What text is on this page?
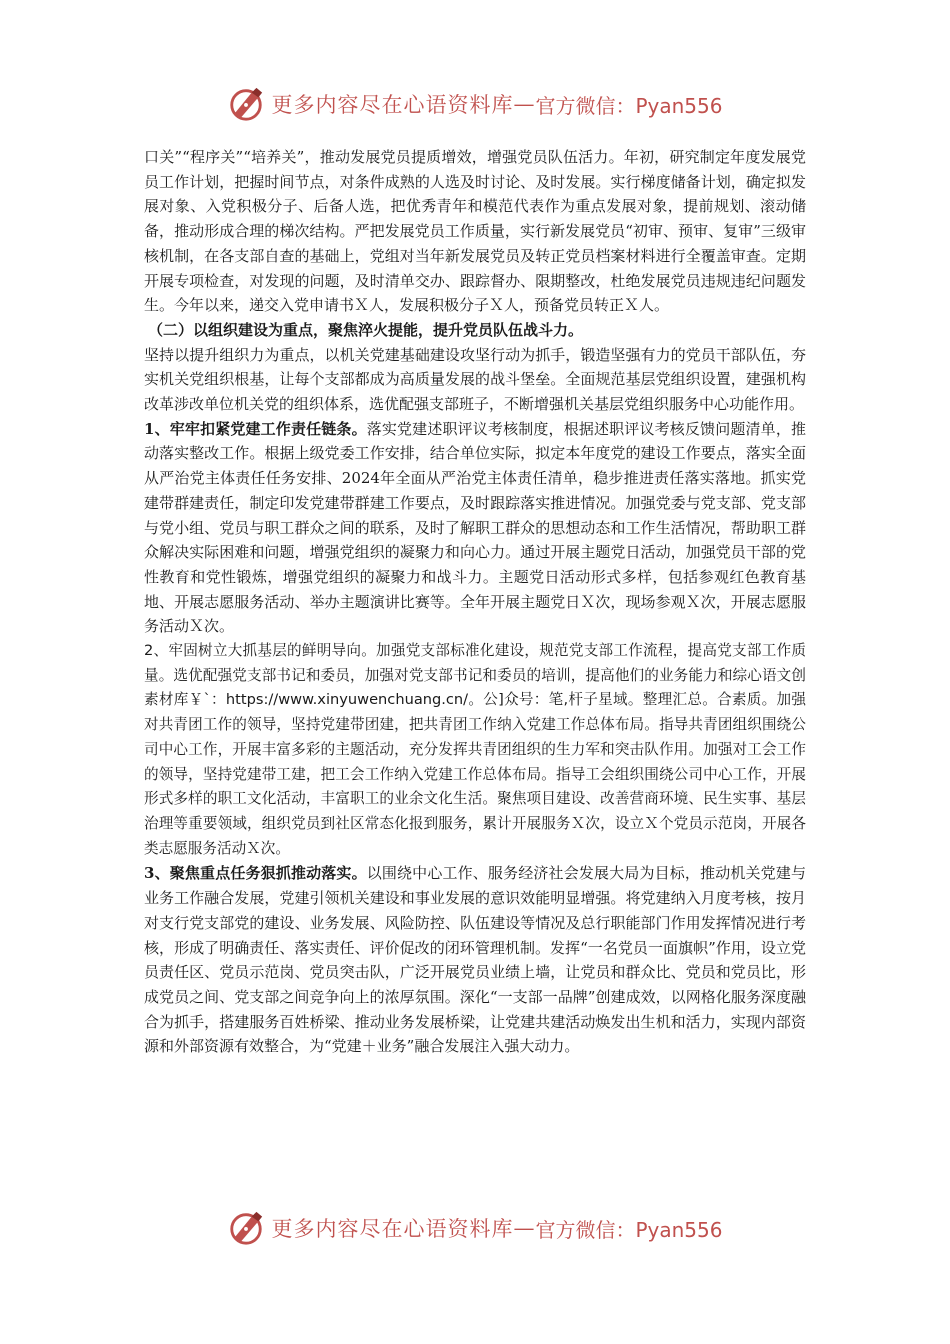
更多内容尽在心语资料库 — 官方微信：Pyan556

口关”“程序关”“培养关”，推动发展党员提质增效，增强党员队伍活力。年初，研究制定年度发展党员工作计划，把握时间节点，对条件成熟的人选及时讨论、及时发展。实行梯度储备计划，确定拟发展对象、入党积极分子、后备人选，把优秀青年和模范代表作为重点发展对象，提前规划、滚动储备，推动形成合理的梯次结构。严把发展党员工作质量，实行新发展党员“初审、预审、复审”三级审核机制，在各支部自查的基础上，党组对当年新发展党员及转正党员档案材料进行全覆盖审查。定期开展专项检查，对发现的问题，及时清单交办、跟踪督办、限期整改，杜绝发展党员违规违纪问题发生。今年以来，递交入党申请书Ｘ人，发展积极分子Ｘ人，预备党员转正Ｘ人。

（二）以组织建设为重点，聚焦淬火提能，提升党员队伍战斗力。

坚持以提升组织力为重点，以机关党建基础建设攻坚行动为抓手，锻造坚强有力的党员干部队伍，夯实机关党组织根基，让每个支部都成为高质量发展的战斗堡垒。全面规范基层党组织设置，建强机构改革涉改单位机关党的组织体系，选优配强支部班子，不断增强机关基层党组织服务中心功能作用。

1、牢牢扣紧党建工作责任链条。落实党建述职评议考核制度，根据述职评议考核反馈问题清单，推动落实整改工作。根据上级党委工作安排，结合单位实际，拟定本年度党的建设工作要点，落实全面从严治党主体责任任务安排、2024年全面从严治党主体责任清单，稳步推进责任落实落地。抓实党建带群建责任，制定印发党建带群建工作要点，及时跟踪落实推进情况。加强党委与党支部、党支部与党小组、党员与职工群众之间的联系，及时了解职工群众的思想动态和工作生活情况，帮助职工群众解决实际困难和问题，增强党组织的凝聚力和向心力。通过开展主题党日活动，加强党员干部的党性教育和党性锻炼，增强党组织的凝聚力和战斗力。主题党日活动形式多样，包括参观红色教育基地、开展志愿服务活动、举办主题演讲比赛等。全年开展主题党日Ｘ次，现场参观Ｘ次，开展志愿服务活动Ｘ次。

2、牢固树立大抓基层的鲜明导向。加强党支部标准化建设，规范党支部工作流程，提高党支部工作质量。选优配强党支部书记和委员，加强对党支部书记和委员的培训，提高他们的业务能力和综心语文创素材库￥`：https://www.xinyuwenchuang.cn/。公]众号：笔,杆子星域。整理汇总。合素质。加强对共青团工作的领导，坚持党建带团建，把共青团工作纳入党建工作总体布局。指导共青团组织围绕公司中心工作，开展丰富多彩的主题活动，充分发挥共青团组织的生力军和突击队作用。加强对工会工作的领导，坚持党建带工建，把工会工作纳入党建工作总体布局。指导工会组织围绕公司中心工作，开展形式多样的职工文化活动，丰富职工的业余文化生活。聚焦项目建设、改善营商环境、民生实事、基层治理等重要领域，组织党员到社区常态化报到服务，累计开展服务Ｘ次，设立Ｘ个党员示范岗，开展各类志愿服务活动Ｘ次。

3、聚焦重点任务狠抓推动落实。以围绕中心工作、服务经济社会发展大局为目标，推动机关党建与业务工作融合发展，党建引领机关建设和事业发展的意识效能明显增强。将党建纳入月度考核，按月对支行党支部党的建设、业务发展、风险防控、队伍建设等情况及总行职能部门作用发挥情况进行考核，形成了明确责任、落实责任、评价促改的闭环管理机制。发挥“一名党员一面旗帜”作用，设立党员责任区、党员示范岗、党员突击队，广泛开展党员业绩上墙，让党员和群众比、党员和党员比，形成党员之间、党支部之间竞争向上的浓厚氛围。深化“一支部一品牌”创建成效，以网格化服务深度融合为抓手，搭建服务百姓桥梁、推动业务发展桥梁，让党建共建活动焕发出生机和活力，实现内部资源和外部资源有效整合，为“党建＋业务”融合发展注入强大动力。

更多内容尽在心语资料库 — 官方微信：Pyan556
